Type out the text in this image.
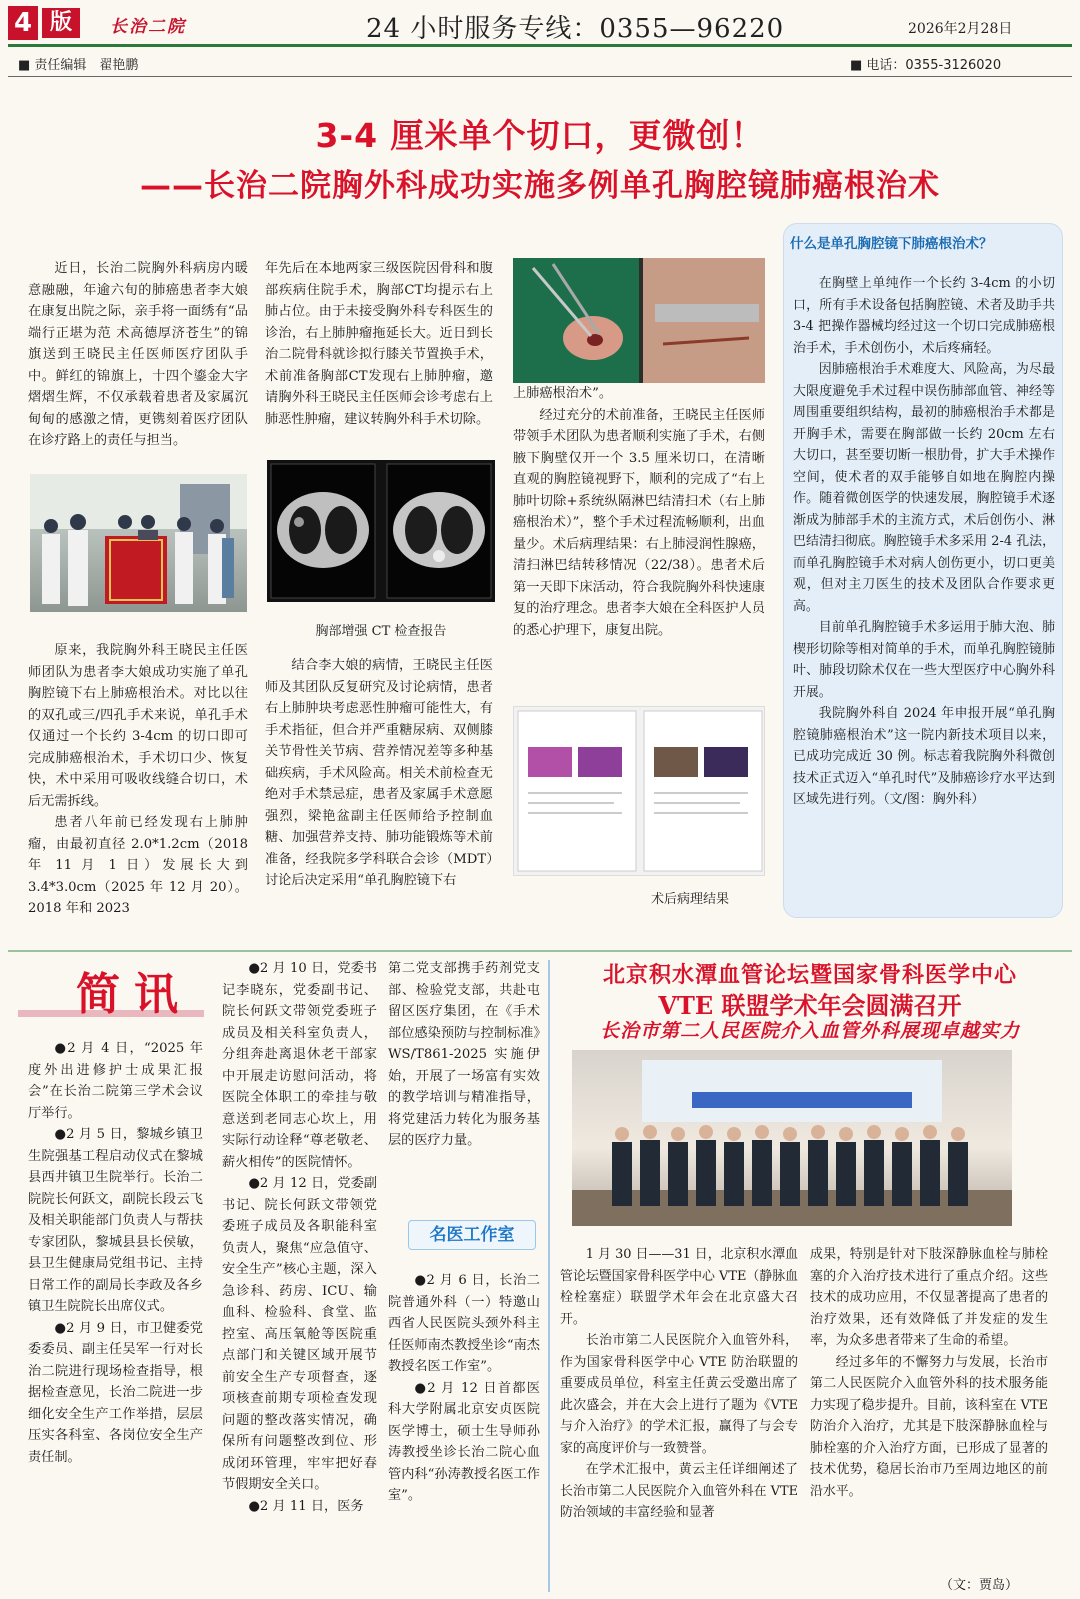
4 版	长治二院	24 小时服务专线：0355—96220	2026年2月28日
■ 责任编辑　翟艳鹏	■ 电话：0355-3126020
3-4 厘米单个切口，更微创！
——长治二院胸外科成功实施多例单孔胸腔镜肺癌根治术

近日，长治二院胸外科病房内暖意融融，年逾六旬的肺癌患者李大娘在康复出院之际，亲手将一面绣有“品端行正堪为范 术高德厚济苍生”的锦旗送到王晓民主任医师医疗团队手中。鲜红的锦旗上，十四个鎏金大字熠熠生辉，不仅承载着患者及家属沉甸甸的感激之情，更镌刻着医疗团队在诊疗路上的责任与担当。

原来，我院胸外科王晓民主任医师团队为患者李大娘成功实施了单孔胸腔镜下右上肺癌根治术。对比以往的双孔或三/四孔手术来说，单孔手术仅通过一个长约 3-4cm 的切口即可完成肺癌根治术，手术切口少、恢复快，术中采用可吸收线缝合切口，术后无需拆线。

患者八年前已经发现右上肺肿瘤，由最初直径 2.0*1.2cm（2018 年 11 月 1 日）发展长大到 3.4*3.0cm（2025 年 12 月 20）。2018 年和 2023

年先后在本地两家三级医院因骨科和腹部疾病住院手术，胸部CT均提示右上肺占位。由于未接受胸外科专科医生的诊治，右上肺肿瘤拖延长大。近日到长治二院骨科就诊拟行膝关节置换手术，术前准备胸部CT发现右上肺肿瘤，邀请胸外科王晓民主任医师会诊考虑右上肺恶性肿瘤，建议转胸外科手术切除。

胸部增强 CT 检查报告

结合李大娘的病情，王晓民主任医师及其团队反复研究及讨论病情，患者右上肺肿块考虑恶性肿瘤可能性大，有手术指征，但合并严重糖尿病、双侧膝关节骨性关节病、营养情况差等多种基础疾病，手术风险高。相关术前检查无绝对手术禁忌症，患者及家属手术意愿强烈，梁艳盆副主任医师给予控制血糖、加强营养支持、肺功能锻炼等术前准备，经我院多学科联合会诊（MDT）讨论后决定采用“单孔胸腔镜下右

上肺癌根治术”。

经过充分的术前准备，王晓民主任医师带领手术团队为患者顺利实施了手术，右侧腋下胸壁仅开一个 3.5 厘米切口，在清晰直观的胸腔镜视野下，顺利的完成了“右上肺叶切除+系统纵隔淋巴结清扫术（右上肺癌根治术）”，整个手术过程流畅顺利，出血量少。术后病理结果：右上肺浸润性腺癌，清扫淋巴结转移情况（22/38）。患者术后第一天即下床活动，符合我院胸外科快速康复的治疗理念。患者李大娘在全科医护人员的悉心护理下，康复出院。

术后病理结果
什么是单孔胸腔镜下肺癌根治术？

在胸壁上单纯作一个长约 3-4cm 的小切口，所有手术设备包括胸腔镜、术者及助手共 3-4 把操作器械均经过这一个切口完成肺癌根治手术，手术创伤小，术后疼痛轻。

因肺癌根治手术难度大、风险高，为尽最大限度避免手术过程中误伤肺部血管、神经等周围重要组织结构，最初的肺癌根治手术都是开胸手术，需要在胸部做一长约 20cm 左右大切口，甚至要切断一根肋骨，扩大手术操作空间，使术者的双手能够自如地在胸腔内操作。随着微创医学的快速发展，胸腔镜手术逐渐成为肺部手术的主流方式，术后创伤小、淋巴结清扫彻底。胸腔镜手术多采用 2-4 孔法，而单孔胸腔镜手术对病人创伤更小，切口更美观，但对主刀医生的技术及团队合作要求更高。

目前单孔胸腔镜手术多运用于肺大泡、肺楔形切除等相对简单的手术，而单孔胸腔镜肺叶、肺段切除术仅在一些大型医疗中心胸外科开展。

我院胸外科自 2024 年申报开展“单孔胸腔镜肺癌根治术”这一院内新技术项目以来，已成功完成近 30 例。标志着我院胸外科微创技术正式迈入“单孔时代”及肺癌诊疗水平达到区域先进行列。（文/图：胸外科）

简讯

●2 月 4 日，“2025 年度外出进修护士成果汇报会”在长治二院第三学术会议厅举行。

●2 月 5 日，黎城乡镇卫生院强基工程启动仪式在黎城县西井镇卫生院举行。长治二院院长何跃文，副院长段云飞及相关职能部门负责人与帮扶专家团队，黎城县县长侯敏，县卫生健康局党组书记、主持日常工作的副局长李政及各乡镇卫生院院长出席仪式。

●2 月 9 日，市卫健委党委委员、副主任吴军一行对长治二院进行现场检查指导，根据检查意见，长治二院进一步细化安全生产工作举措，层层压实各科室、各岗位安全生产责任制。

●2 月 10 日，党委书记李晓东，党委副书记、院长何跃文带领党委班子成员及相关科室负责人，分组奔赴离退休老干部家中开展走访慰问活动，将医院全体职工的牵挂与敬意送到老同志心坎上，用实际行动诠释“尊老敬老、薪火相传”的医院情怀。

●2 月 12 日，党委副书记、院长何跃文带领党委班子成员及各职能科室负责人，聚焦“应急值守、安全生产”核心主题，深入急诊科、药房、ICU、输血科、检验科、食堂、监控室、高压氧舱等医院重点部门和关键区域开展节前安全生产专项督查，逐项核查前期专项检查发现问题的整改落实情况，确保所有问题整改到位、形成闭环管理，牢牢把好春节假期安全关口。

●2 月 11 日，医务

第二党支部携手药剂党支部、检验党支部，共赴屯留区医疗集团，在《手术部位感染预防与控制标准》WS/T861-2025 实施伊始，开展了一场富有实效的教学培训与精准指导，将党建活力转化为服务基层的医疗力量。

名医工作室

●2 月 6 日，长治二院普通外科（一）特邀山西省人民医院头颈外科主任医师南杰教授坐诊“南杰教授名医工作室”。

●2 月 12 日首都医科大学附属北京安贞医院医学博士，硕士生导师孙涛教授坐诊长治二院心血管内科“孙涛教授名医工作室”。

北京积水潭血管论坛暨国家骨科医学中心
VTE 联盟学术年会圆满召开
长治市第二人民医院介入血管外科展现卓越实力

1 月 30 日——31 日，北京积水潭血管论坛暨国家骨科医学中心 VTE（静脉血栓栓塞症）联盟学术年会在北京盛大召开。

长治市第二人民医院介入血管外科，作为国家骨科医学中心 VTE 防治联盟的重要成员单位，科室主任黄云受邀出席了此次盛会，并在大会上进行了题为《VTE 与介入治疗》的学术汇报，赢得了与会专家的高度评价与一致赞誉。

在学术汇报中，黄云主任详细阐述了长治市第二人民医院介入血管外科在 VTE 防治领域的丰富经验和显著

成果，特别是针对下肢深静脉血栓与肺栓塞的介入治疗技术进行了重点介绍。这些技术的成功应用，不仅显著提高了患者的治疗效果，还有效降低了并发症的发生率，为众多患者带来了生命的希望。

经过多年的不懈努力与发展，长治市第二人民医院介入血管外科的技术服务能力实现了稳步提升。目前，该科室在 VTE 防治介入治疗，尤其是下肢深静脉血栓与肺栓塞的介入治疗方面，已形成了显著的技术优势，稳居长治市乃至周边地区的前沿水平。

（文：贾岛）
